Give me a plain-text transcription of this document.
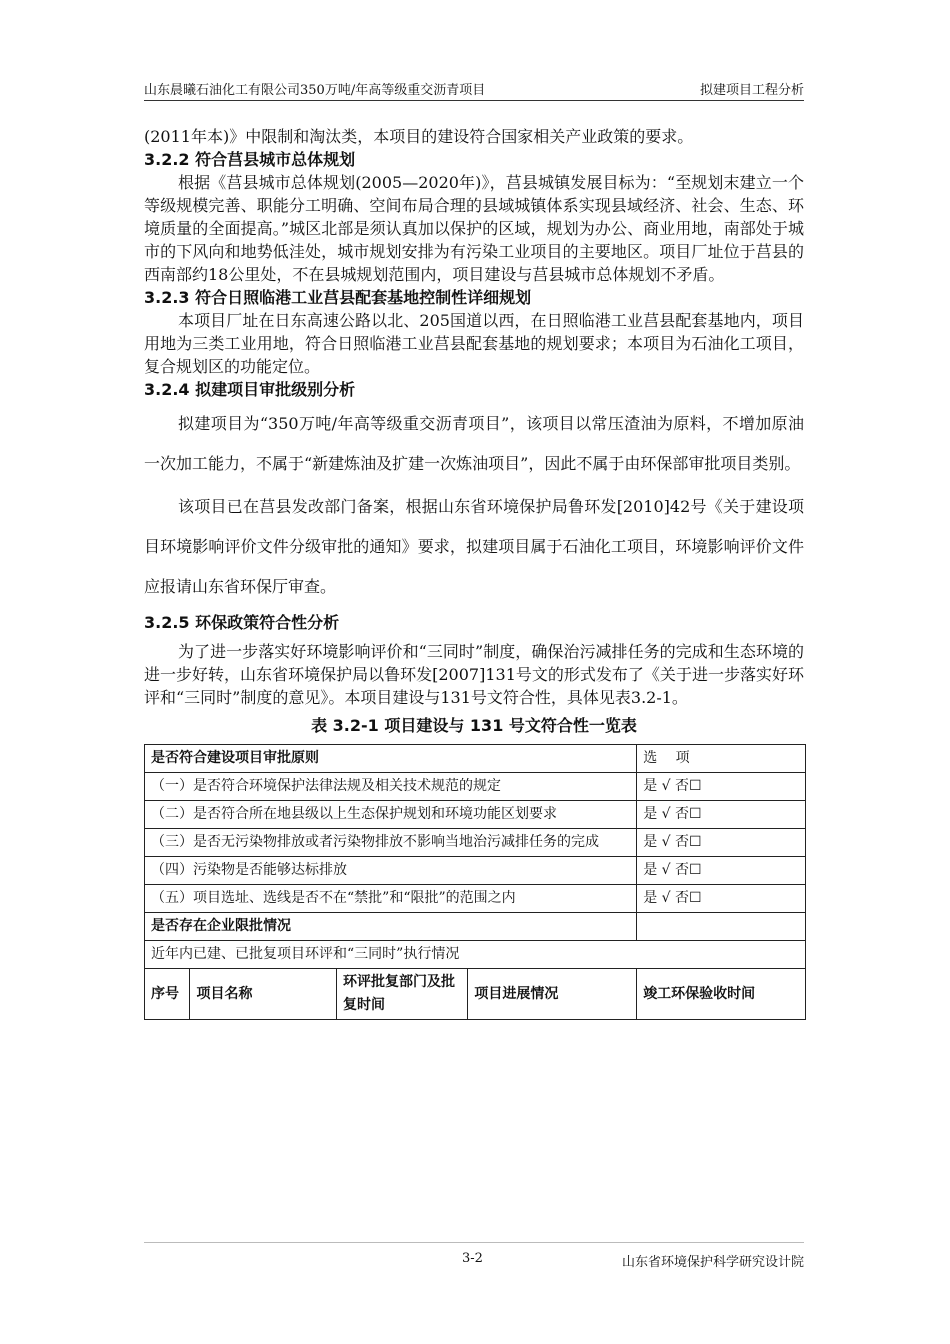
山东晨曦石油化工有限公司350万吨/年高等级重交沥青项目	拟建项目工程分析

(2011年本)》中限制和淘汰类，本项目的建设符合国家相关产业政策的要求。

3.2.2 符合莒县城市总体规划

根据《莒县城市总体规划(2005—2020年)》，莒县城镇发展目标为：“至规划末建立一个等级规模完善、职能分工明确、空间布局合理的县域城镇体系实现县域经济、社会、生态、环境质量的全面提高。”城区北部是须认真加以保护的区域，规划为办公、商业用地，南部处于城市的下风向和地势低洼处，城市规划安排为有污染工业项目的主要地区。项目厂址位于莒县的西南部约18公里处，不在县城规划范围内，项目建设与莒县城市总体规划不矛盾。

3.2.3 符合日照临港工业莒县配套基地控制性详细规划

本项目厂址在日东高速公路以北、205国道以西，在日照临港工业莒县配套基地内，项目用地为三类工业用地，符合日照临港工业莒县配套基地的规划要求；本项目为石油化工项目，复合规划区的功能定位。

3.2.4 拟建项目审批级别分析

拟建项目为“350万吨/年高等级重交沥青项目”，该项目以常压渣油为原料，不增加原油一次加工能力，不属于“新建炼油及扩建一次炼油项目”，因此不属于由环保部审批项目类别。

该项目已在莒县发改部门备案，根据山东省环境保护局鲁环发[2010]42号《关于建设项目环境影响评价文件分级审批的通知》要求，拟建项目属于石油化工项目，环境影响评价文件应报请山东省环保厅审查。

3.2.5 环保政策符合性分析

为了进一步落实好环境影响评价和“三同时”制度，确保治污减排任务的完成和生态环境的进一步好转，山东省环境保护局以鲁环发[2007]131号文的形式发布了《关于进一步落实好环评和“三同时”制度的意见》。本项目建设与131号文符合性，具体见表3.2-1。

表 3.2-1 项目建设与 131 号文符合性一览表

是否符合建设项目审批原则				选　 项
（一）是否符合环境保护法律法规及相关技术规范的规定				是 √ 否☐
（二）是否符合所在地县级以上生态保护规划和环境功能区划要求				是 √ 否☐
（三）是否无污染物排放或者污染物排放不影响当地治污减排任务的完成				是 √ 否☐
（四）污染物是否能够达标排放				是 √ 否☐
（五）项目选址、选线是否不在“禁批”和“限批”的范围之内				是 √ 否☐
是否存在企业限批情况				
近年内已建、已批复项目环评和“三同时”执行情况				
序号	项目名称	环评批复部门及批复时间	项目进展情况	竣工环保验收时间
3-2	山东省环境保护科学研究设计院
